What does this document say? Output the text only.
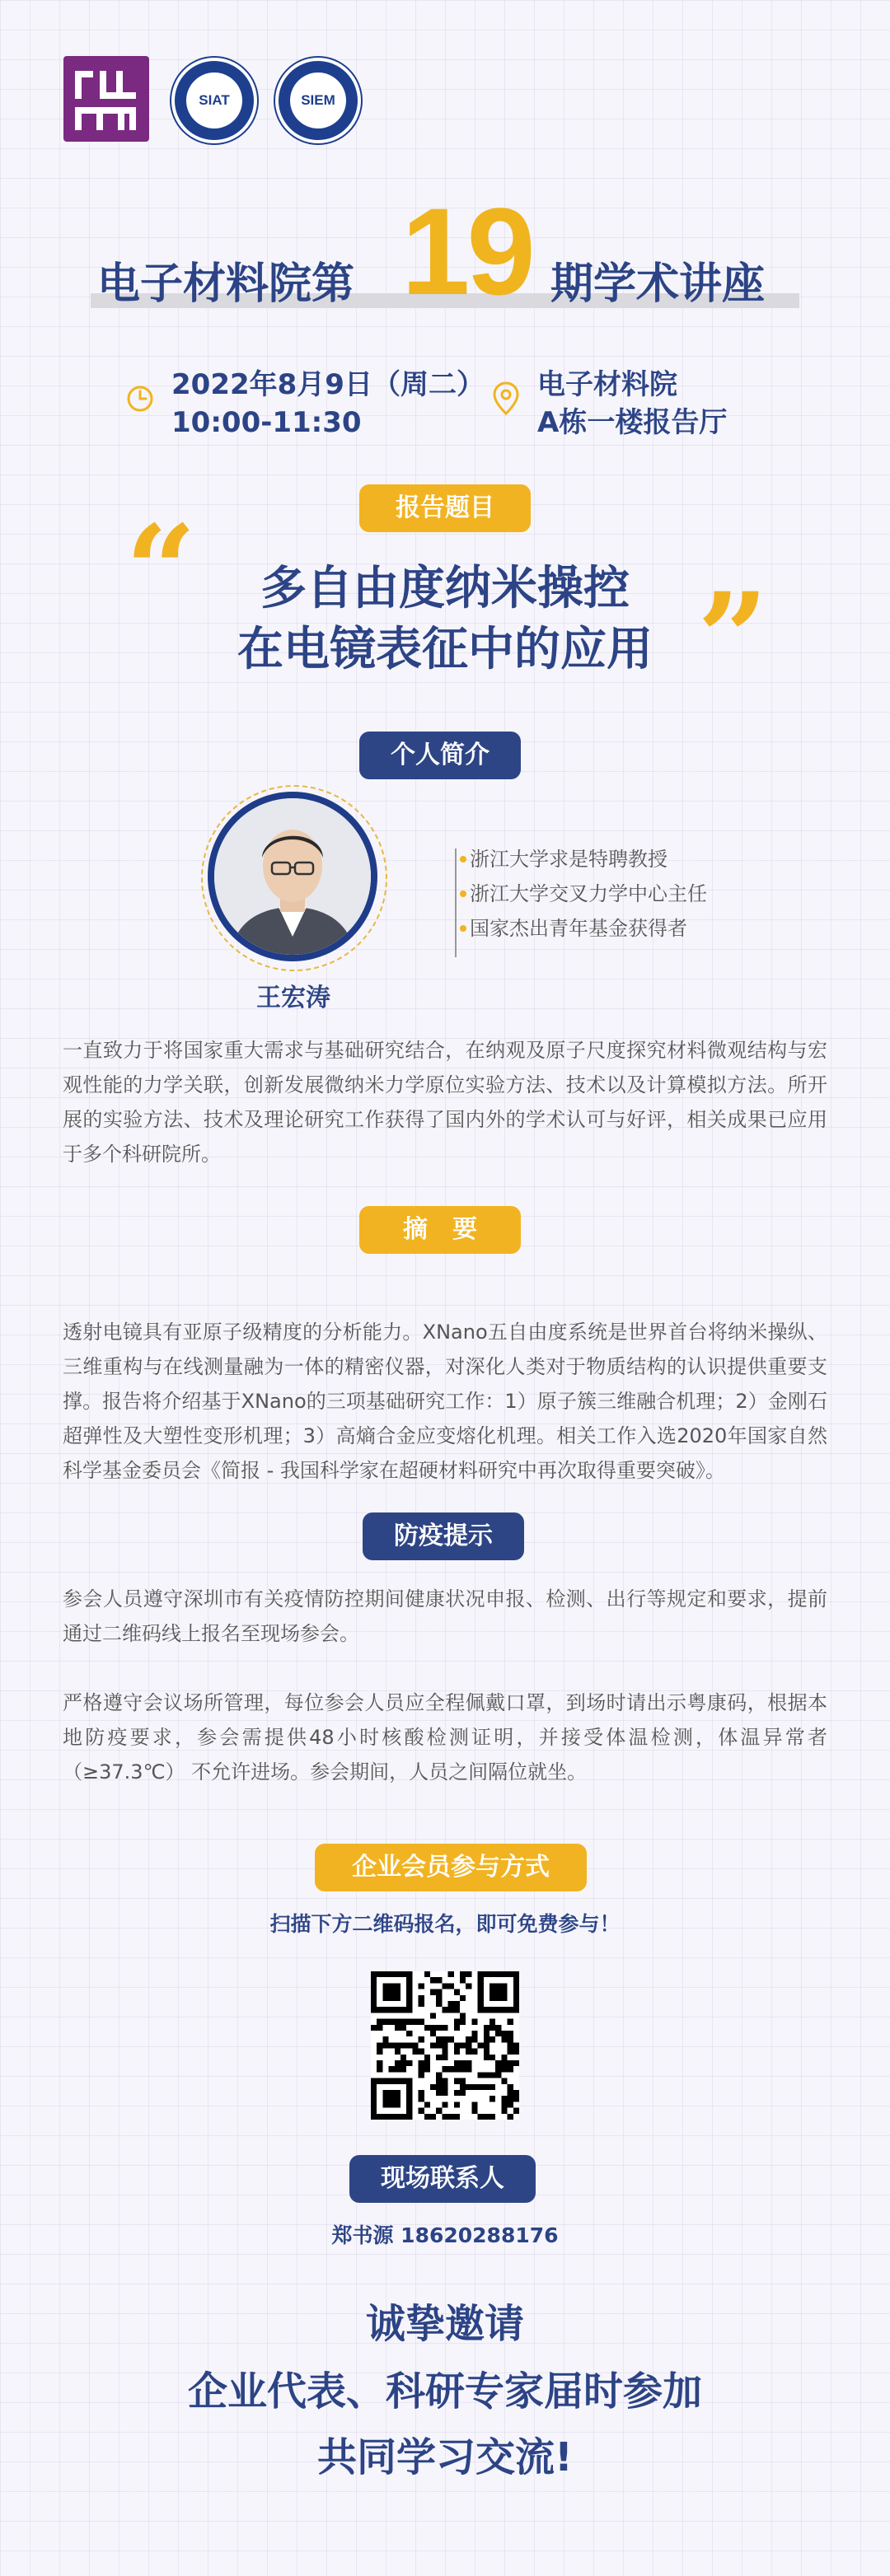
SIAT	SIEM
电子材料院第 19 期学术讲座
2022年8月9日（周二）
10:00-11:30
电子材料院
A栋一楼报告厅
报告题目
“	多自由度纳米操控
在电镜表征中的应用 ”
个人简介
王宏涛
浙江大学求是特聘教授
浙江大学交叉力学中心主任
国家杰出青年基金获得者
一直致力于将国家重大需求与基础研究结合，在纳观及原子尺度探究材料微观结构与宏观性能的力学关联，创新发展微纳米力学原位实验方法、技术以及计算模拟方法。所开展的实验方法、技术及理论研究工作获得了国内外的学术认可与好评，相关成果已应用于多个科研院所。
摘　要
透射电镜具有亚原子级精度的分析能力。XNano五自由度系统是世界首台将纳米操纵、三维重构与在线测量融为一体的精密仪器，对深化人类对于物质结构的认识提供重要支撑。报告将介绍基于XNano的三项基础研究工作：1）原子簇三维融合机理；2）金刚石超弹性及大塑性变形机理；3）高熵合金应变熔化机理。相关工作入选2020年国家自然科学基金委员会《简报 - 我国科学家在超硬材料研究中再次取得重要突破》。
防疫提示
参会人员遵守深圳市有关疫情防控期间健康状况申报、检测、出行等规定和要求，提前通过二维码线上报名至现场参会。
严格遵守会议场所管理，每位参会人员应全程佩戴口罩，到场时请出示粤康码，根据本地防疫要求，参会需提供48小时核酸检测证明，并接受体温检测，体温异常者（≥37.3℃） 不允许进场。参会期间，人员之间隔位就坐。
企业会员参与方式
扫描下方二维码报名，即可免费参与！
现场联系人
郑书源 18620288176
诚挚邀请
企业代表、科研专家届时参加
共同学习交流!
